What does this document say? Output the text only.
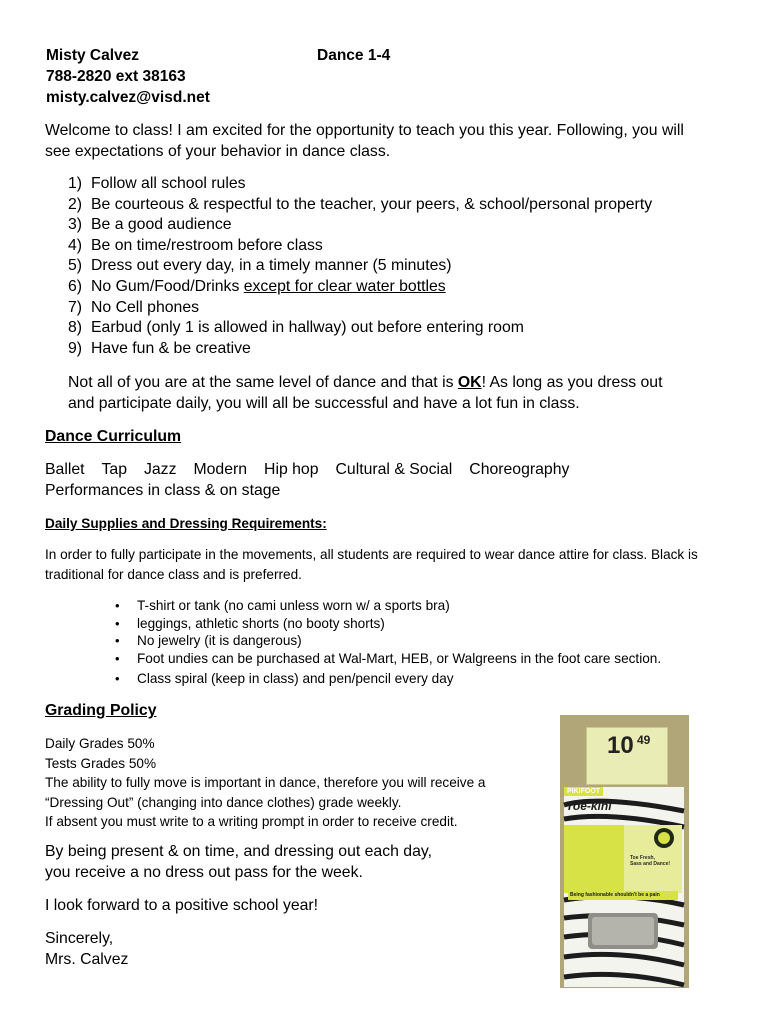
Misty Calvez
788-2820 ext 38163
misty.calvez@visd.net
Dance 1-4
Welcome to class! I am excited for the opportunity to teach you this year. Following, you will see expectations of your behavior in dance class.
1) Follow all school rules
2) Be courteous & respectful to the teacher, your peers, & school/personal property
3) Be a good audience
4) Be on time/restroom before class
5) Dress out every day, in a timely manner (5 minutes)
6) No Gum/Food/Drinks except for clear water bottles
7) No Cell phones
8) Earbud (only 1 is allowed in hallway) out before entering room
9) Have fun & be creative
Not all of you are at the same level of dance and that is OK! As long as you dress out and participate daily, you will all be successful and have a lot fun in class.
Dance Curriculum
Ballet Tap Jazz Modern Hip hop Cultural & Social Choreography
Performances in class & on stage
Daily Supplies and Dressing Requirements:
In order to fully participate in the movements, all students are required to wear dance attire for class. Black is traditional for dance class and is preferred.
• T-shirt or tank (no cami unless worn w/ a sports bra)
• leggings, athletic shorts (no booty shorts)
• No jewelry (it is dangerous)
• Foot undies can be purchased at Wal-Mart, HEB, or Walgreens in the foot care section.
• Class spiral (keep in class) and pen/pencil every day
Grading Policy
Daily Grades 50%
Tests Grades 50%
The ability to fully move is important in dance, therefore you will receive a
“Dressing Out” (changing into dance clothes) grade weekly.
If absent you must write to a writing prompt in order to receive credit.
By being present & on time, and dressing out each day,
you receive a no dress out pass for the week.
I look forward to a positive school year!
Sincerely,
Mrs. Calvez
10 49
PIKIFOOT
Toe-kini
Toe Fresh,
Sass and Dance!
Being fashionable shouldn't be a pain
